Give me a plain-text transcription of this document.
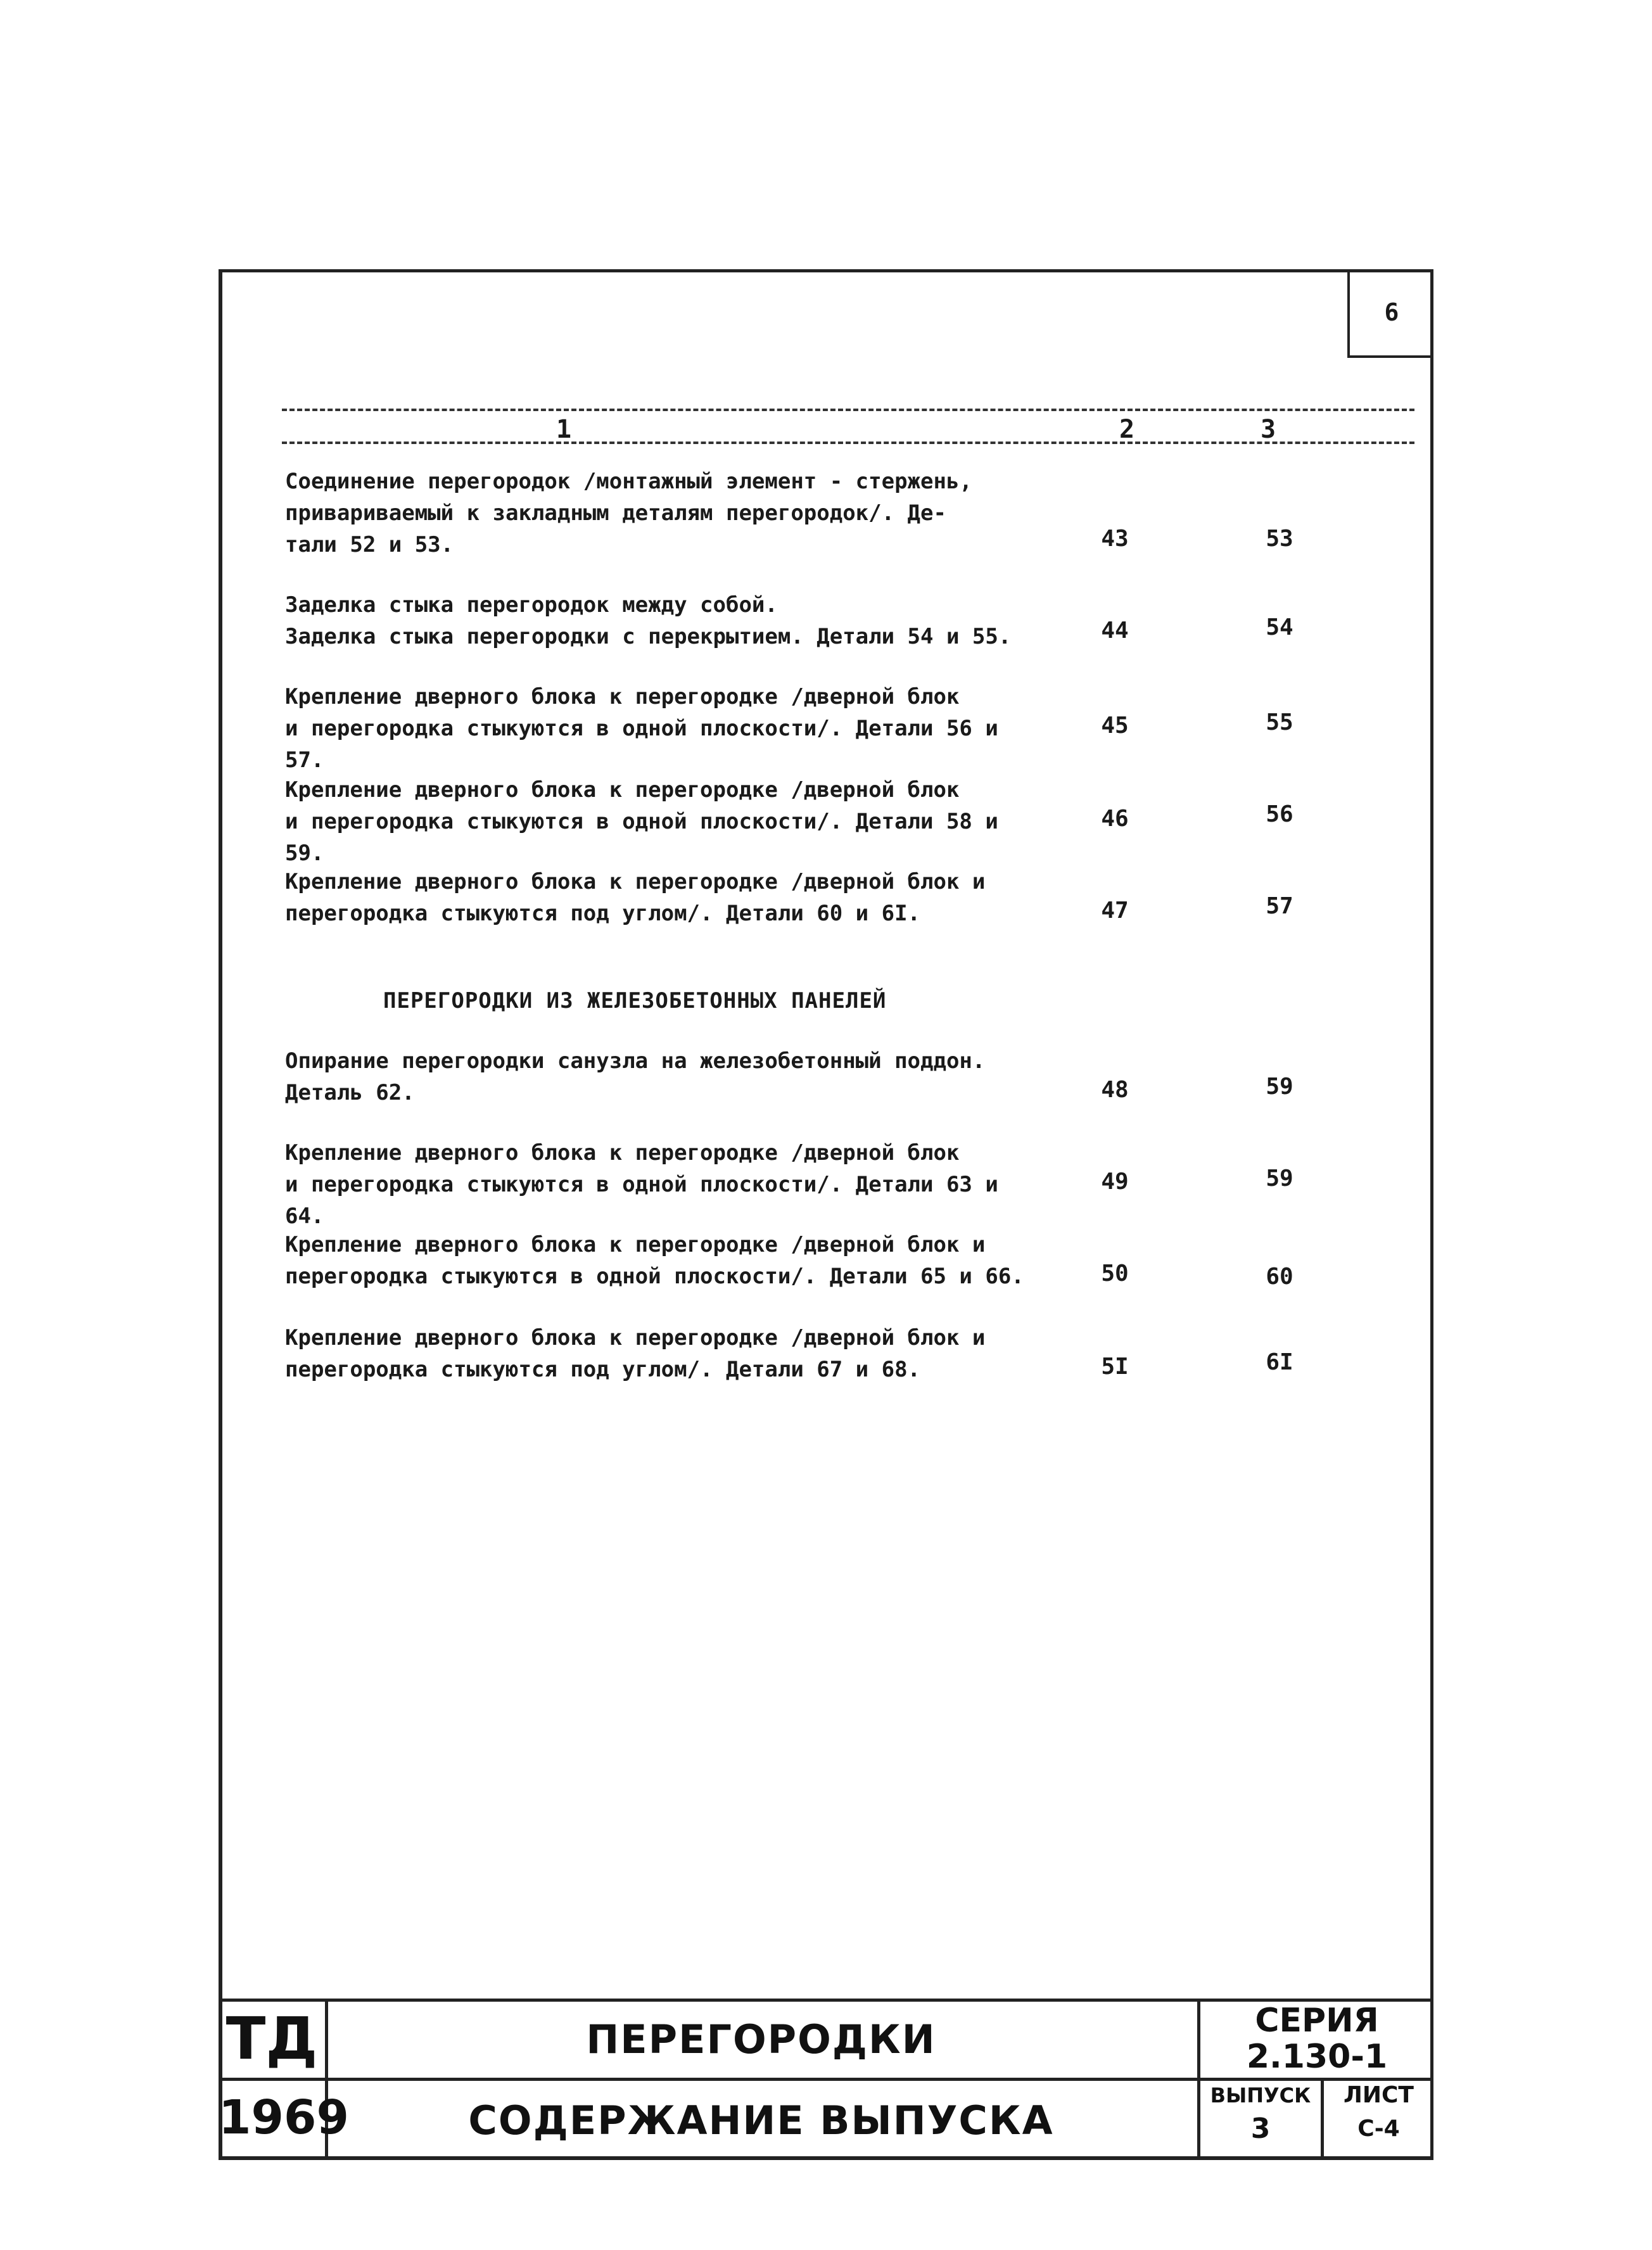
6
1	2	3
Соединение перегородок /монтажный элемент - стержень,
приваривaемый к закладным деталям перегородок/. Де-
тали 52 и 53.	43	53
Заделка стыка перегородок между собой.
Заделка стыка перегородки с перекрытием. Детали 54 и 55.	44	54
Крепление дверного блока к перегородке /дверной блок
и перегородка стыкуются в одной плоскости/. Детали 56 и 57.
45	55
Крепление дверного блока к перегородке /дверной блок
и перегородка стыкуются в одной плоскости/. Детали 58 и 59.
46	56
Крепление дверного блока к перегородке /дверной блок и
перегородка стыкуются под углом/. Детали 60 и 6I.	47	57
ПЕРЕГОРОДКИ ИЗ ЖЕЛЕЗОБЕТОННЫХ ПАНЕЛЕЙ
Опирание перегородки санузла на железобетонный поддон.
Деталь 62.	48	59
Крепление дверного блока к перегородке /дверной блок
и перегородка стыкуются в одной плоскости/. Детали 63 и 64.
49	59
Крепление дверного блока к перегородке /дверной блок и
перегородка стыкуются в одной плоскости/. Детали 65 и 66.	50	60
Крепление дверного блока к перегородке /дверной блок и
перегородка стыкуются под углом/. Детали 67 и 68.	5I	6I
ТД
1969
ПЕРЕГОРОДКИ
СОДЕРЖАНИЕ ВЫПУСКА
СЕРИЯ
2.130-1
ВЫПУСК
3
ЛИСТ
С-4
